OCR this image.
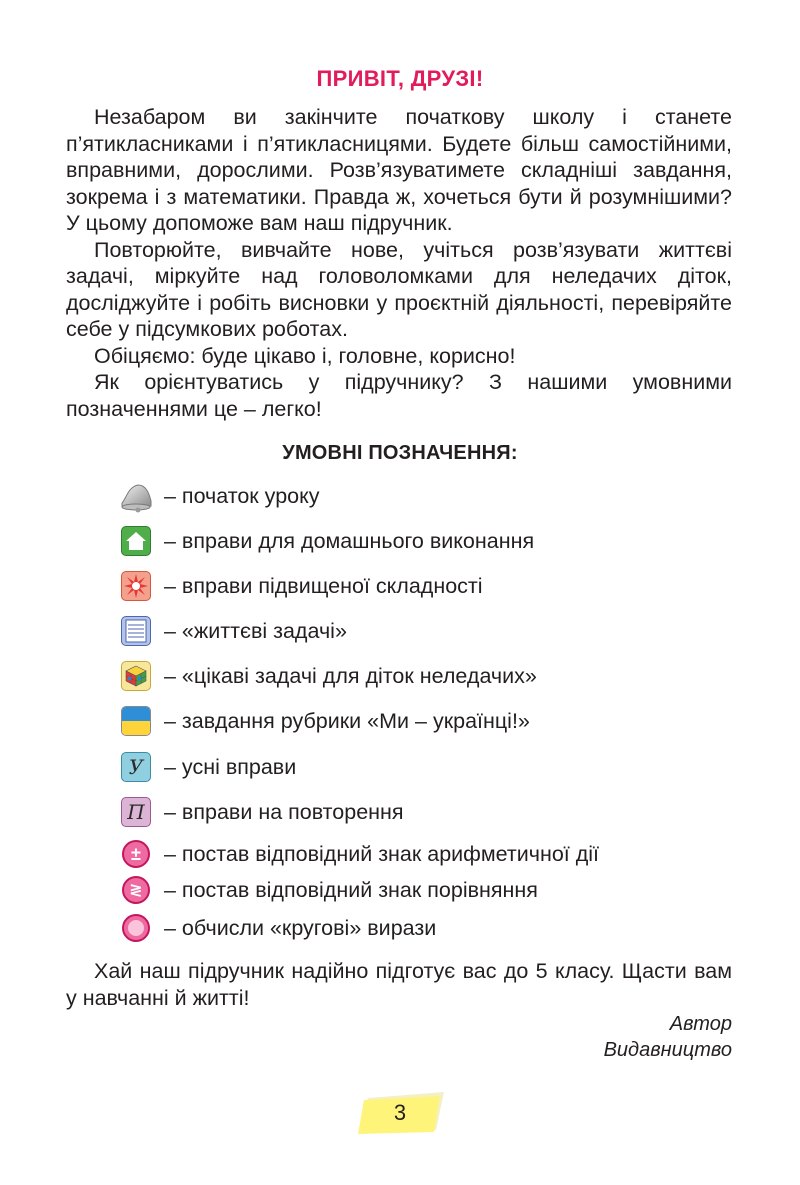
ПРИВІТ, ДРУЗІ!

Незабаром ви закінчите початкову школу і станете п’ятикласниками і п’ятикласницями. Будете більш самостійними, вправними, дорослими. Розв’язуватимете складніші завдання, зокрема і з математики. Правда ж, хочеться бути й розумнішими? У цьому допоможе вам наш підручник.

Повторюйте, вивчайте нове, учіться розв’язувати життєві задачі, міркуйте над головоломками для неледачих діток, досліджуйте і робіть висновки у проєктній діяльності, перевіряйте себе у підсумкових роботах.

Обіцяємо: буде цікаво і, головне, корисно!

Як орієнтуватись у підручнику? З нашими умовними позначеннями це – легко!

УМОВНІ ПОЗНАЧЕННЯ:
– початок уроку
– вправи для домашнього виконання
– вправи підвищеної складності
– «життєві задачі»
– «цікаві задачі для діток неледачих»
– завдання рубрики «Ми – українці!»
У – усні вправи
П – вправи на повторення
± – постав відповідний знак арифметичної дії
≷ – постав відповідний знак порівняння
– обчисли «кругові» вирази

Хай наш підручник надійно підготує вас до 5 класу. Щасти вам у навчанні й житті!

Автор
Видавництво
3
